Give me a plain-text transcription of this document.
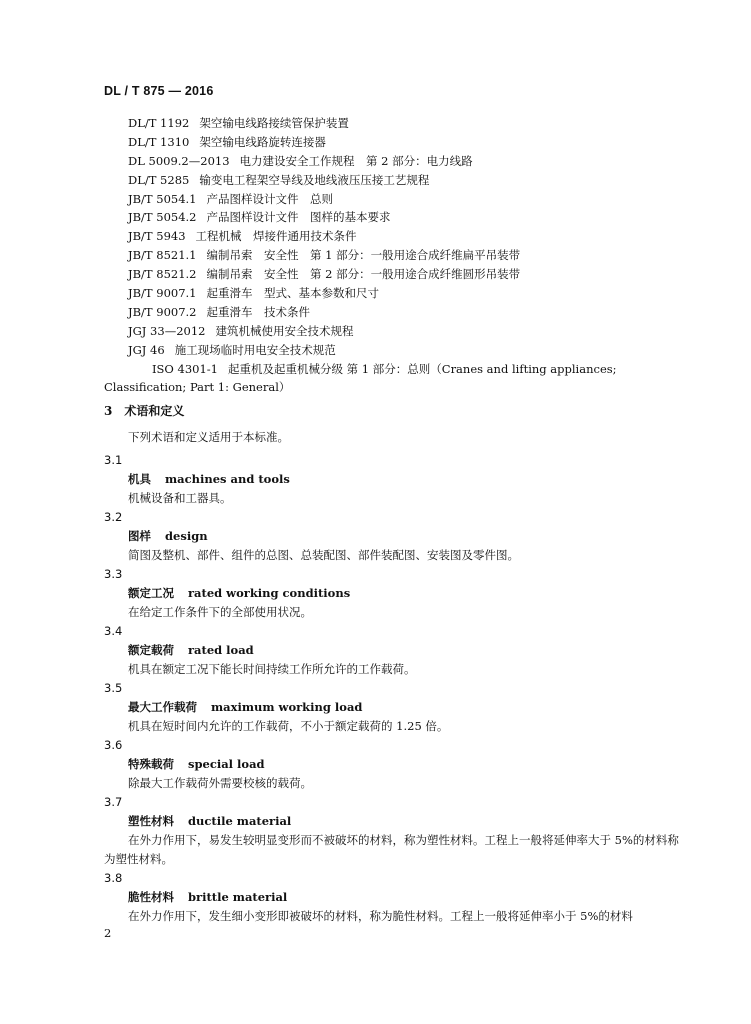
DL / T 875 — 2016
DL/T 1192 架空输电线路接续管保护装置
DL/T 1310 架空输电线路旋转连接器
DL 5009.2—2013 电力建设安全工作规程　第 2 部分：电力线路
DL/T 5285 输变电工程架空导线及地线液压压接工艺规程
JB/T 5054.1 产品图样设计文件　总则
JB/T 5054.2 产品图样设计文件　图样的基本要求
JB/T 5943 工程机械　焊接件通用技术条件
JB/T 8521.1 编制吊索　安全性　第 1 部分：一般用途合成纤维扁平吊装带
JB/T 8521.2 编制吊索　安全性　第 2 部分：一般用途合成纤维圆形吊装带
JB/T 9007.1 起重滑车　型式、基本参数和尺寸
JB/T 9007.2 起重滑车　技术条件
JGJ 33—2012 建筑机械使用安全技术规程
JGJ 46 施工现场临时用电安全技术规范
ISO 4301-1 起重机及起重机械分级 第 1 部分：总则（Cranes and lifting appliances; Classification; Part 1: General）
3 术语和定义
下列术语和定义适用于本标准。
3.1
机具 machines and tools
机械设备和工器具。
3.2
图样 design
简图及整机、部件、组件的总图、总装配图、部件装配图、安装图及零件图。
3.3
额定工况 rated working conditions
在给定工作条件下的全部使用状况。
3.4
额定载荷 rated load
机具在额定工况下能长时间持续工作所允许的工作载荷。
3.5
最大工作载荷 maximum working load
机具在短时间内允许的工作载荷，不小于额定载荷的 1.25 倍。
3.6
特殊载荷 special load
除最大工作载荷外需要校核的载荷。
3.7
塑性材料 ductile material
在外力作用下，易发生较明显变形而不被破坏的材料，称为塑性材料。工程上一般将延伸率大于 5%的材料称为塑性材料。
3.8
脆性材料 brittle material
在外力作用下，发生细小变形即被破坏的材料，称为脆性材料。工程上一般将延伸率小于 5%的材料
2
